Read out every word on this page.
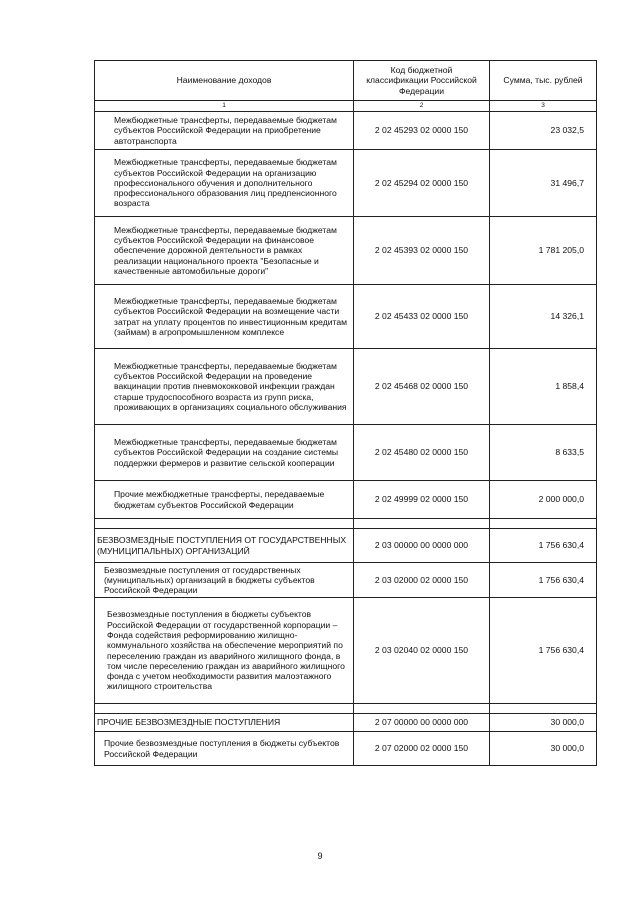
Наименование доходов	Код бюджетной классификации Российской Федерации	Сумма, тыс. рублей
1	2	3
Межбюджетные трансферты, передаваемые бюджетам субъектов Российской Федерации на приобретение автотранспорта	2 02 45293 02 0000 150	23 032,5
Межбюджетные трансферты, передаваемые бюджетам субъектов Российской Федерации на организацию профессионального обучения и дополнительного профессионального образования лиц предпенсионного возраста	2 02 45294 02 0000 150	31 496,7
Межбюджетные трансферты, передаваемые бюджетам субъектов Российской Федерации на финансовое обеспечение дорожной деятельности в рамках реализации национального проекта "Безопасные и качественные автомобильные дороги"	2 02 45393 02 0000 150	1 781 205,0
Межбюджетные трансферты, передаваемые бюджетам субъектов Российской Федерации на возмещение части затрат на уплату процентов по инвестиционным кредитам (займам) в агропромышленном комплексе	2 02 45433 02 0000 150	14 326,1
Межбюджетные трансферты, передаваемые бюджетам субъектов Российской Федерации на проведение вакцинации против пневмококковой инфекции граждан старше трудоспособного возраста из групп риска, проживающих в организациях социального обслуживания	2 02 45468 02 0000 150	1 858,4
Межбюджетные трансферты, передаваемые бюджетам субъектов Российской Федерации на создание системы поддержки фермеров и развитие сельской кооперации	2 02 45480 02 0000 150	8 633,5
Прочие межбюджетные трансферты, передаваемые бюджетам субъектов Российской Федерации	2 02 49999 02 0000 150	2 000 000,0

БЕЗВОЗМЕЗДНЫЕ ПОСТУПЛЕНИЯ ОТ ГОСУДАРСТВЕННЫХ (МУНИЦИПАЛЬНЫХ) ОРГАНИЗАЦИЙ	2 03 00000 00 0000 000	1 756 630,4
Безвозмездные поступления от государственных (муниципальных) организаций в бюджеты субъектов Российской Федерации	2 03 02000 02 0000 150	1 756 630,4
Безвозмездные поступления в бюджеты субъектов Российской Федерации от государственной корпорации – Фонда содействия реформированию жилищно-коммунального хозяйства на обеспечение мероприятий по переселению граждан из аварийного жилищного фонда, в том числе переселению граждан из аварийного жилищного фонда с учетом необходимости развития малоэтажного жилищного строительства	2 03 02040 02 0000 150	1 756 630,4

ПРОЧИЕ БЕЗВОЗМЕЗДНЫЕ ПОСТУПЛЕНИЯ	2 07 00000 00 0000 000	30 000,0
Прочие безвозмездные поступления в бюджеты субъектов Российской Федерации	2 07 02000 02 0000 150	30 000,0
9
